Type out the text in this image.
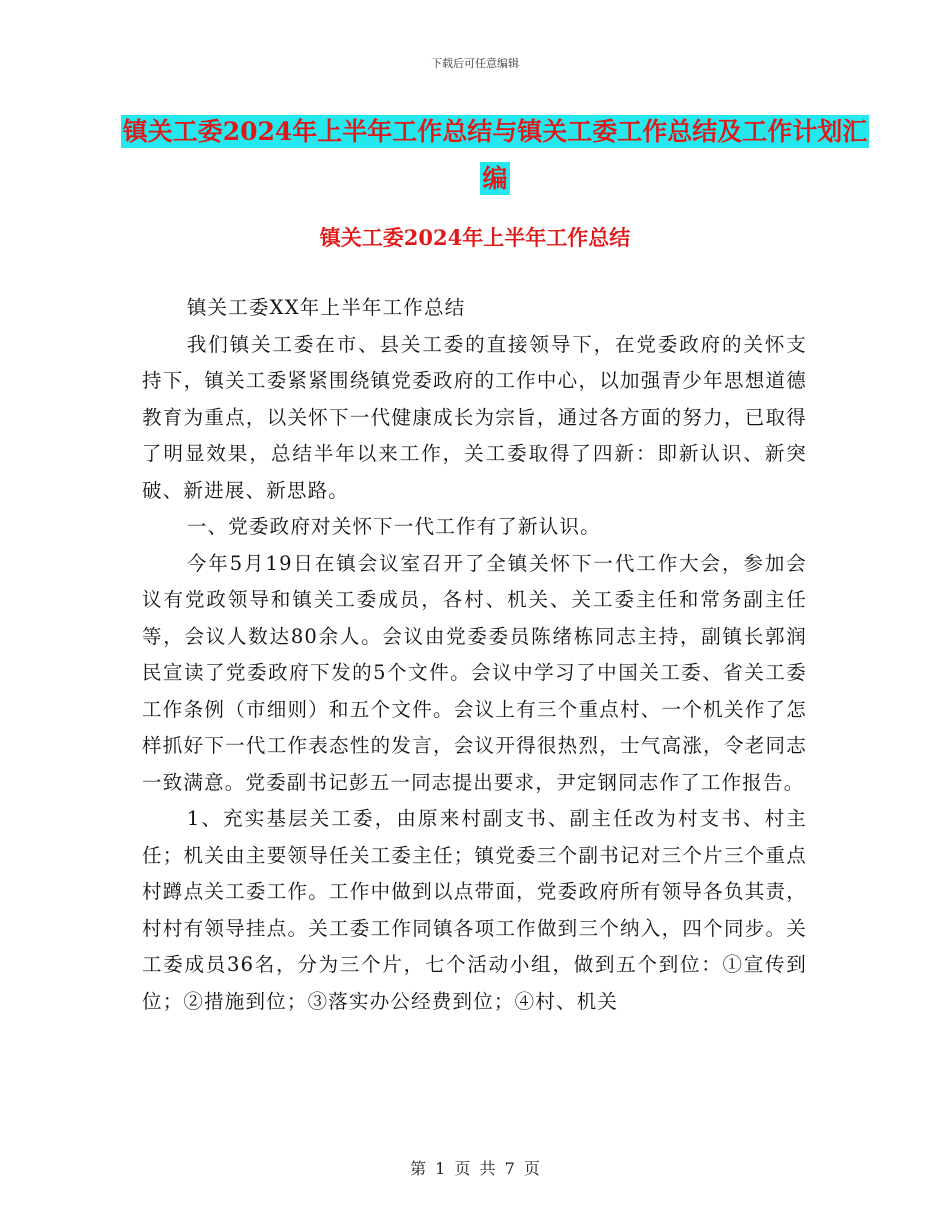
下载后可任意编辑
镇关工委2024年上半年工作总结与镇关工委工作总结及工作计划汇编
镇关工委2024年上半年工作总结

镇关工委XX年上半年工作总结

我们镇关工委在市、县关工委的直接领导下，在党委政府的关怀支持下，镇关工委紧紧围绕镇党委政府的工作中心，以加强青少年思想道德教育为重点，以关怀下一代健康成长为宗旨，通过各方面的努力，已取得了明显效果，总结半年以来工作，关工委取得了四新：即新认识、新突破、新进展、新思路。

一、党委政府对关怀下一代工作有了新认识。

今年5月19日在镇会议室召开了全镇关怀下一代工作大会，参加会议有党政领导和镇关工委成员，各村、机关、关工委主任和常务副主任等，会议人数达80余人。会议由党委委员陈绪栋同志主持，副镇长郭润民宣读了党委政府下发的5个文件。会议中学习了中国关工委、省关工委工作条例（市细则）和五个文件。会议上有三个重点村、一个机关作了怎样抓好下一代工作表态性的发言，会议开得很热烈，士气高涨，令老同志一致满意。党委副书记彭五一同志提出要求，尹定钢同志作了工作报告。

1、充实基层关工委，由原来村副支书、副主任改为村支书、村主任；机关由主要领导任关工委主任；镇党委三个副书记对三个片三个重点村蹲点关工委工作。工作中做到以点带面，党委政府所有领导各负其责，村村有领导挂点。关工委工作同镇各项工作做到三个纳入，四个同步。关工委成员36名，分为三个片，七个活动小组，做到五个到位：①宣传到位；②措施到位；③落实办公经费到位；④村、机关

第 1 页 共 7 页
